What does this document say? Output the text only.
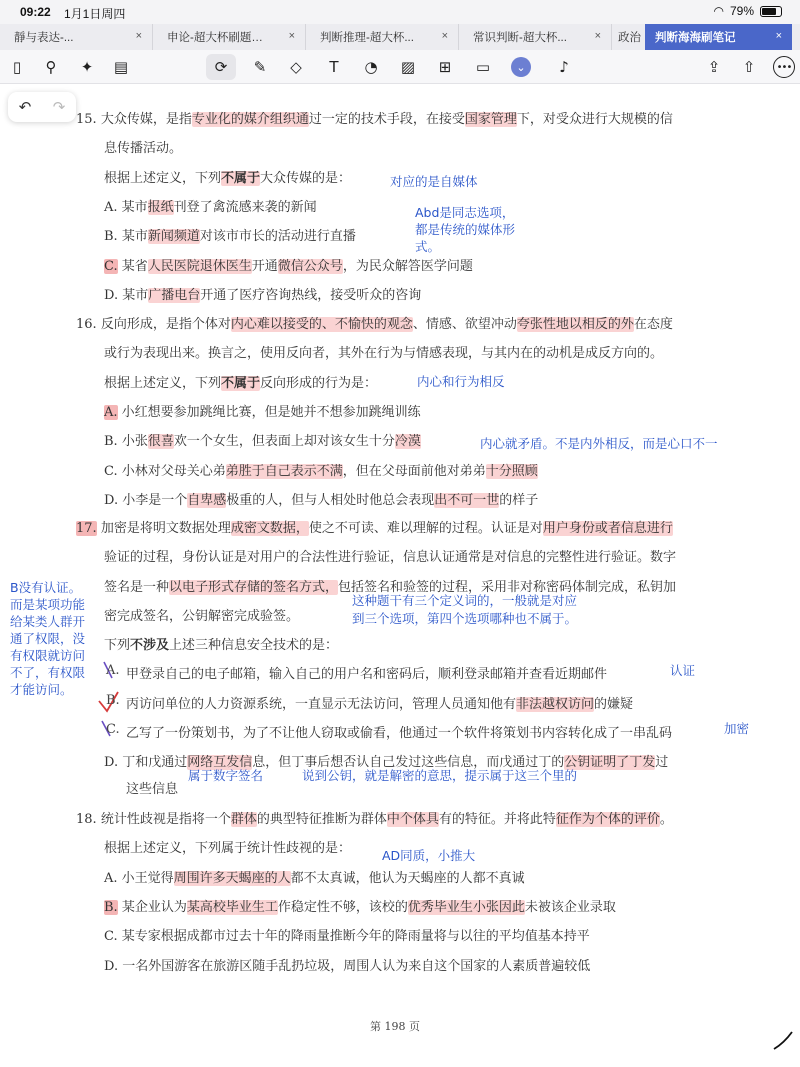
09:22 1月1日周四	◠ 79%
靜与表达-...	× 申论-超大杯刷题营...	× 判断推理-超大杯...	× 常识判断-超大杯...	× 政治 判断海海刷笔记	×
▯	⚲	✦	▤	⟳	✎	◇	T	◔ ▨	⊞	▭	⌄	♪	⇪	⇧	•••
↶ ↷
15. 大众传媒，是指专业化的媒介组织通过一定的技术手段，在接受国家管理下，对受众进行大规模的信
息传播活动。
根据上述定义，下列不属于大众传媒的是：
A. 某市报纸刊登了禽流感来袭的新闻
B. 某市新闻频道对该市市长的活动进行直播
C. 某省人民医院退休医生开通微信公众号，为民众解答医学问题
D. 某市广播电台开通了医疗咨询热线，接受听众的咨询
对应的是自媒体
Abd是同志选项，
都是传统的媒体形
式。
16. 反向形成，是指个体对内心难以接受的、不愉快的观念、情感、欲望冲动夸张性地以相反的外在态度
或行为表现出来。换言之，使用反向者，其外在行为与情感表现，与其内在的动机是成反方向的。
根据上述定义，下列不属于反向形成的行为是：
A. 小红想要参加跳绳比赛，但是她并不想参加跳绳训练
B. 小张很喜欢一个女生，但表面上却对该女生十分冷漠
C. 小林对父母关心弟弟胜于自己表示不满，但在父母面前他对弟弟十分照顾
D. 小李是一个自卑感极重的人，但与人相处时他总会表现出不可一世的样子
内心和行为相反
内心就矛盾。不是内外相反，而是心口不一
17. 加密是将明文数据处理成密文数据，使之不可读、难以理解的过程。认证是对用户身份或者信息进行
验证的过程，身份认证是对用户的合法性进行验证，信息认证通常是对信息的完整性进行验证。数字
签名是一种以电子形式存储的签名方式，包括签名和验签的过程，采用非对称密码体制完成，私钥加
密完成签名，公钥解密完成验签。
下列不涉及上述三种信息安全技术的是：
甲登录自己的电子邮箱，输入自己的用户名和密码后，顺利登录邮箱并查看近期邮件
丙访问单位的人力资源系统，一直显示无法访问，管理人员通知他有非法越权访问的嫌疑
乙写了一份策划书，为了不让他人窃取或偷看，他通过一个软件将策划书内容转化成了一串乱码
D. 丁和戊通过网络互发信息，但丁事后想否认自己发过这些信息，而戊通过丁的公钥证明了丁发过
这些信息
A.
B.
C.
B没有认证。
而是某项功能
给某类人群开
通了权限，没
有权限就访问
不了，有权限
才能访问。
这种题干有三个定义词的，一般就是对应
到三个选项，第四个选项哪种也不属于。
认证
加密
属于数字签名	说到公钥，就是解密的意思，提示属于这三个里的
18. 统计性歧视是指将一个群体的典型特征推断为群体中个体具有的特征。并将此特征作为个体的评价。
根据上述定义，下列属于统计性歧视的是：
A. 小王觉得周围许多天蝎座的人都不太真诚，他认为天蝎座的人都不真诚
B. 某企业认为某高校毕业生工作稳定性不够，该校的优秀毕业生小张因此未被该企业录取
C. 某专家根据成都市过去十年的降雨量推断今年的降雨量将与以往的平均值基本持平
D. 一名外国游客在旅游区随手乱扔垃圾，周围人认为来自这个国家的人素质普遍较低
AD同质，小推大
第 198 页
